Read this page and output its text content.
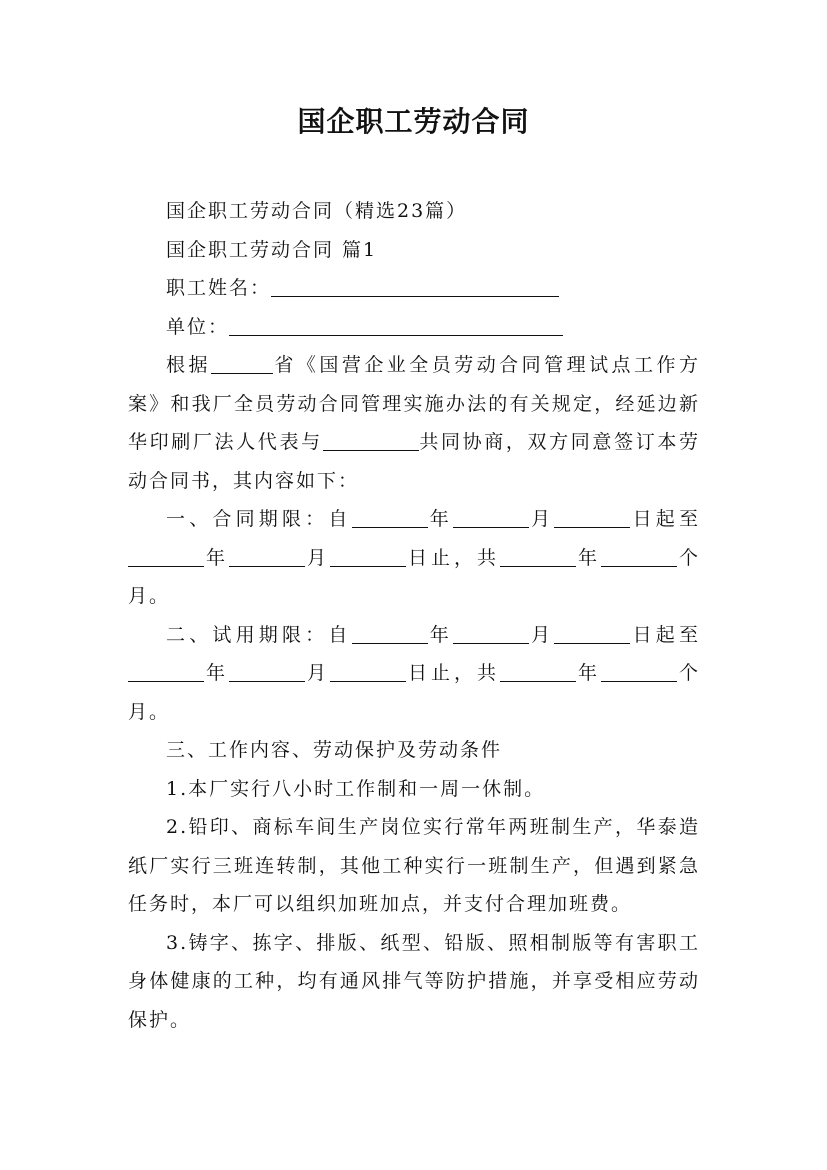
国企职工劳动合同

国企职工劳动合同（精选23篇）

国企职工劳动合同 篇1

职工姓名：

单位：

根据	省《国营企业全员劳动合同管理试点工作方案》和我厂全员劳动合同管理实施办法的有关规定，经延边新华印刷厂法人代表与	共同协商，双方同意签订本劳动合同书，其内容如下：

一、合同期限：自	年	月	日起至年	月	日止，共	年	个月。

二、试用期限：自	年	月	日起至年	月	日止，共	年	个月。

三、工作内容、劳动保护及劳动条件

1.本厂实行八小时工作制和一周一休制。

2.铅印、商标车间生产岗位实行常年两班制生产，华泰造纸厂实行三班连转制，其他工种实行一班制生产，但遇到紧急任务时，本厂可以组织加班加点，并支付合理加班费。

3.铸字、拣字、排版、纸型、铅版、照相制版等有害职工身体健康的工种，均有通风排气等防护措施，并享受相应劳动保护。
